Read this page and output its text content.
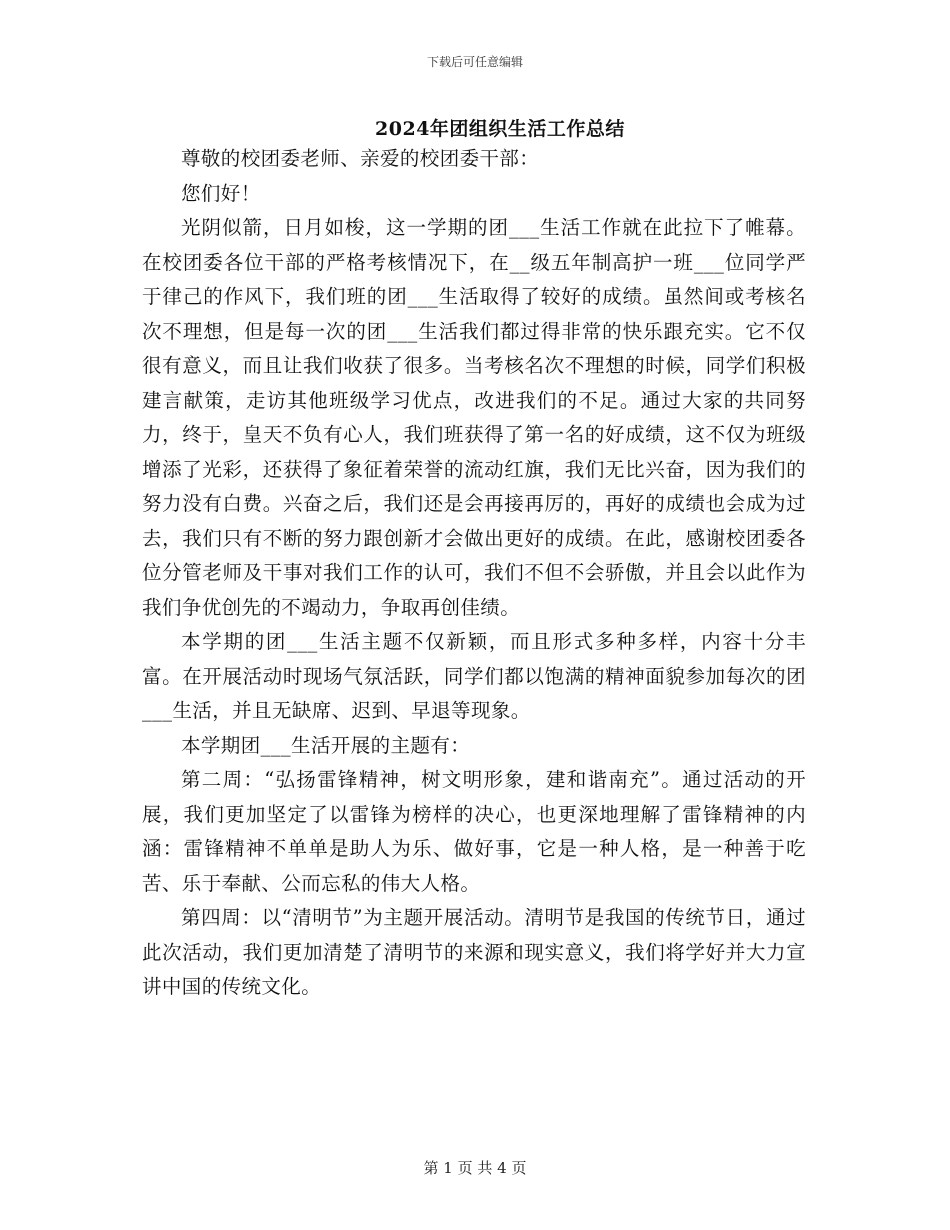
下载后可任意编辑
2024年团组织生活工作总结

尊敬的校团委老师、亲爱的校团委干部：

您们好！

光阴似箭，日月如梭，这一学期的团___生活工作就在此拉下了帷幕。在校团委各位干部的严格考核情况下，在__级五年制高护一班___位同学严于律己的作风下，我们班的团___生活取得了较好的成绩。虽然间或考核名次不理想，但是每一次的团___生活我们都过得非常的快乐跟充实。它不仅很有意义，而且让我们收获了很多。当考核名次不理想的时候，同学们积极建言献策，走访其他班级学习优点，改进我们的不足。通过大家的共同努力，终于，皇天不负有心人，我们班获得了第一名的好成绩，这不仅为班级增添了光彩，还获得了象征着荣誉的流动红旗，我们无比兴奋，因为我们的努力没有白费。兴奋之后，我们还是会再接再厉的，再好的成绩也会成为过去，我们只有不断的努力跟创新才会做出更好的成绩。在此，感谢校团委各位分管老师及干事对我们工作的认可，我们不但不会骄傲，并且会以此作为我们争优创先的不竭动力，争取再创佳绩。

本学期的团___生活主题不仅新颖，而且形式多种多样，内容十分丰富。在开展活动时现场气氛活跃，同学们都以饱满的精神面貌参加每次的团___生活，并且无缺席、迟到、早退等现象。

本学期团___生活开展的主题有：

第二周：“弘扬雷锋精神，树文明形象，建和谐南充”。通过活动的开展，我们更加坚定了以雷锋为榜样的决心，也更深地理解了雷锋精神的内涵：雷锋精神不单单是助人为乐、做好事，它是一种人格，是一种善于吃苦、乐于奉献、公而忘私的伟大人格。

第四周：以“清明节”为主题开展活动。清明节是我国的传统节日，通过此次活动，我们更加清楚了清明节的来源和现实意义，我们将学好并大力宣讲中国的传统文化。

第 1 页 共 4 页
